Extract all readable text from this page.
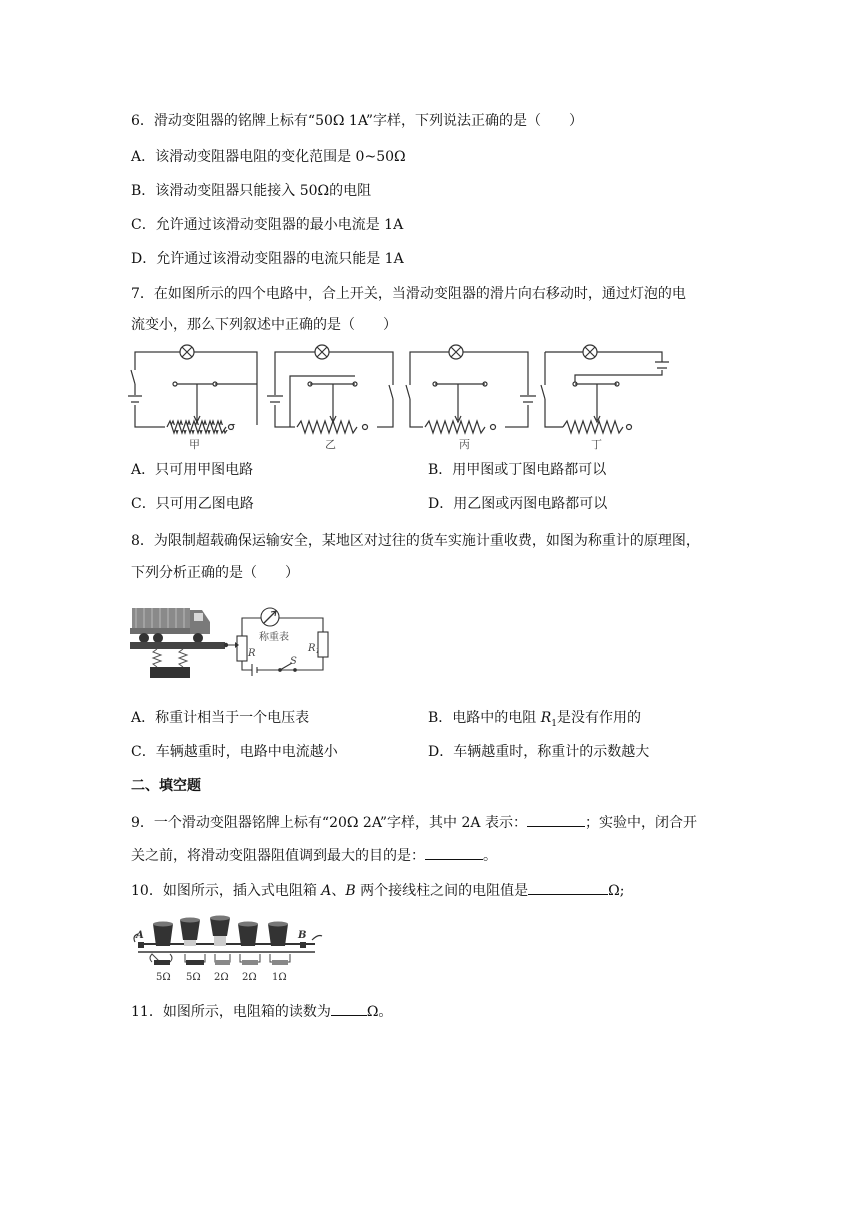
6．滑动变阻器的铭牌上标有“50Ω 1A”字样，下列说法正确的是（　　）
A．该滑动变阻器电阻的变化范围是 0~50Ω
B．该滑动变阻器只能接入 50Ω的电阻
C．允许通过该滑动变阻器的最小电流是 1A
D．允许通过该滑动变阻器的电流只能是 1A
7．在如图所示的四个电路中，合上开关，当滑动变阻器的滑片向右移动时，通过灯泡的电
流变小，那么下列叙述中正确的是（　　）
甲	乙	丙	丁
A．只可用甲图电路	B．用甲图或丁图电路都可以
C．只可用乙图电路	D．用乙图或丙图电路都可以
8．为限制超载确保运输安全，某地区对过往的货车实施计重收费，如图为称重计的原理图，
下列分析正确的是（　　）
称重表
R	$R_1$
S
A．称重计相当于一个电压表	B．电路中的电阻 $R_1$是没有作用的
C．车辆越重时，电路中电流越小	D．车辆越重时，称重计的示数越大
二、填空题
9．一个滑动变阻器铭牌上标有“20Ω 2A”字样，其中 2A 表示：	；实验中，闭合开
关之前，将滑动变阻器阻值调到最大的目的是：	。
10．如图所示，插入式电阻箱 A、B 两个接线柱之间的电阻值是	Ω;
A	B
5Ω 5Ω 2Ω 2Ω 1Ω
11．如图所示，电阻箱的读数为	Ω。
